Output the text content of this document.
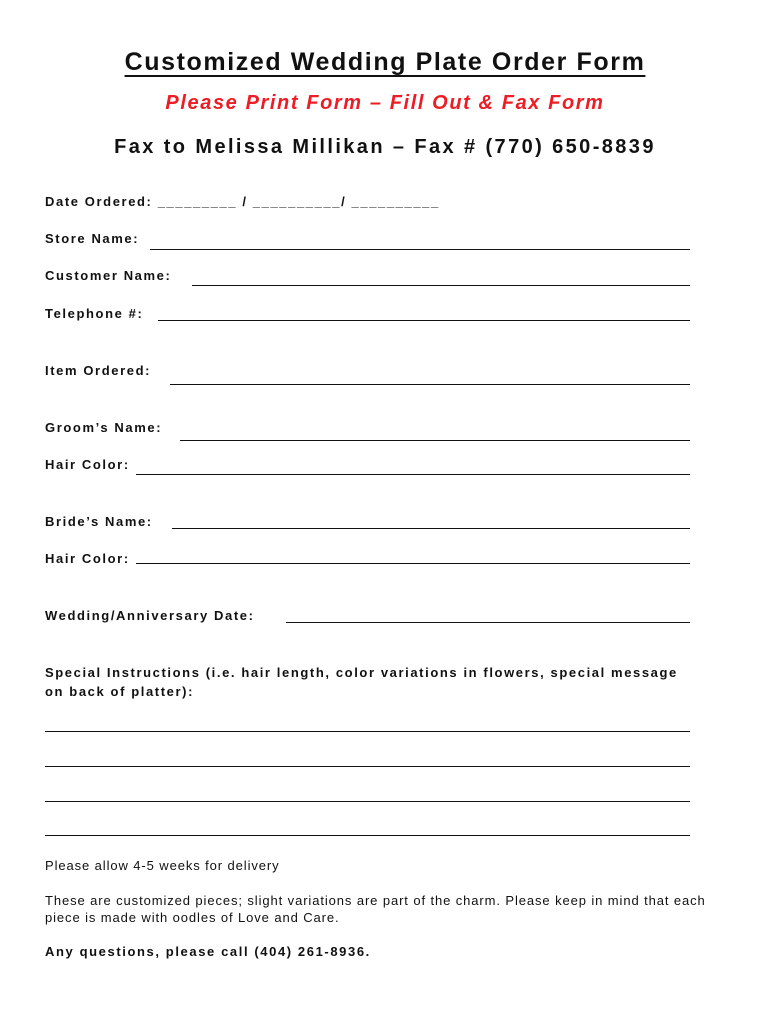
Customized Wedding Plate Order Form
Please Print Form – Fill Out & Fax Form
Fax to Melissa Millikan – Fax # (770) 650-8839
Date Ordered: _________ / __________/ __________
Store Name:
Customer Name:
Telephone #:
Item Ordered:
Groom’s Name:
Hair Color:
Bride’s Name:
Hair Color:
Wedding/Anniversary Date:
Special Instructions (i.e. hair length, color variations in flowers, special message on back of platter):
Please allow 4-5 weeks for delivery
These are customized pieces; slight variations are part of the charm. Please keep in mind that each piece is made with oodles of Love and Care.
Any questions, please call (404) 261-8936.
